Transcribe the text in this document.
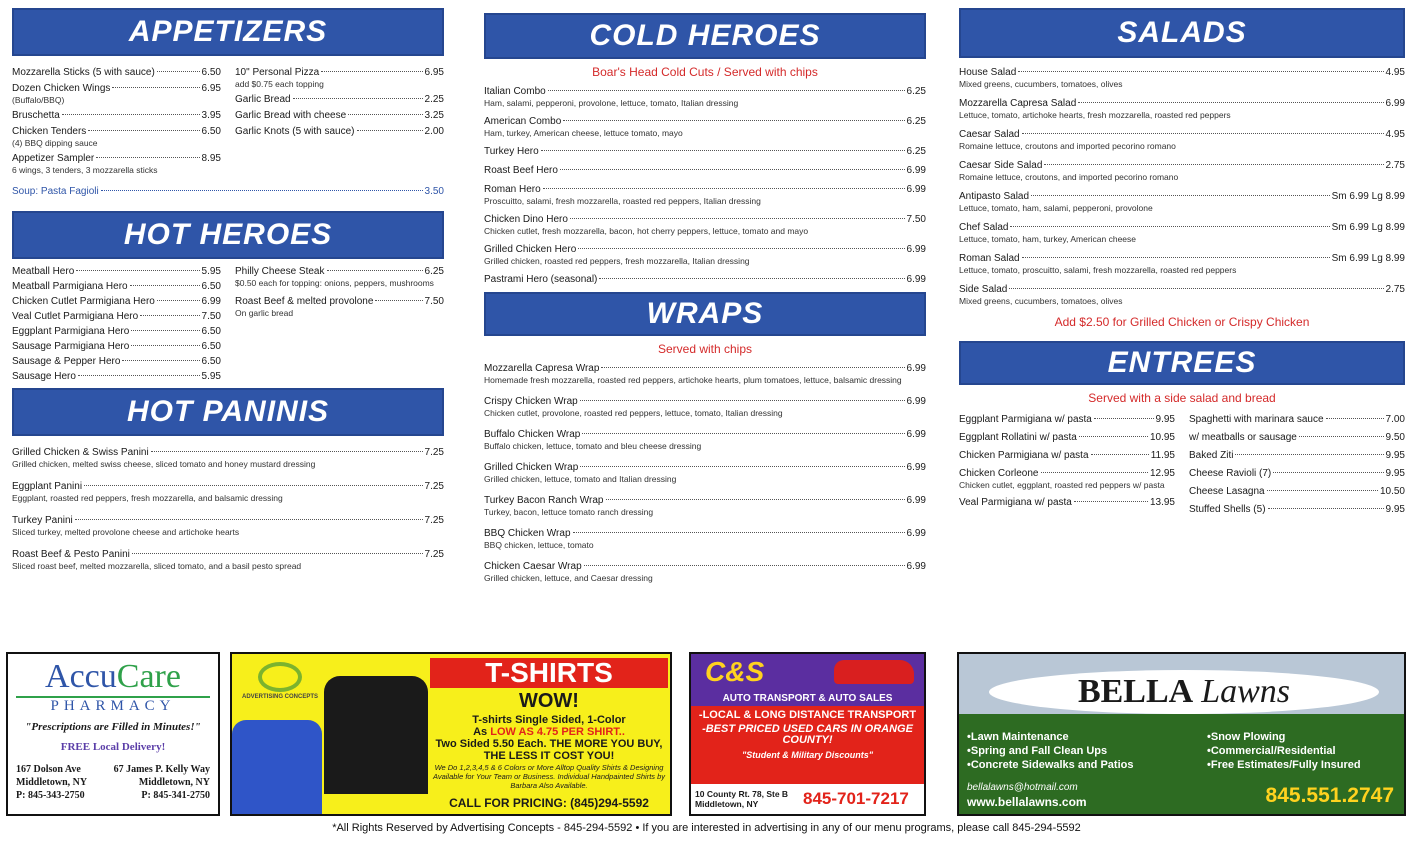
APPETIZERS
Mozzarella Sticks (5 with sauce)	6.50
Dozen Chicken Wings	6.95
(Buffalo/BBQ)
Bruschetta	3.95
Chicken Tenders	6.50
(4) BBQ dipping sauce
Appetizer Sampler	8.95
6 wings, 3 tenders, 3 mozzarella sticks
10" Personal Pizza	6.95
add $0.75 each topping
Garlic Bread	2.25
Garlic Bread with cheese	3.25
Garlic Knots (5 with sauce)	2.00
Soup: Pasta Fagioli	3.50
HOT HEROES
Meatball Hero	5.95
Meatball Parmigiana Hero	6.50
Chicken Cutlet Parmigiana Hero	6.99
Veal Cutlet Parmigiana Hero	7.50
Eggplant Parmigiana Hero	6.50
Sausage Parmigiana Hero	6.50
Sausage & Pepper Hero	6.50
Sausage Hero	5.95
Philly Cheese Steak	6.25
$0.50 each for topping: onions, peppers, mushrooms
Roast Beef & melted provolone	7.50
On garlic bread
HOT PANINIS
Grilled Chicken & Swiss Panini	7.25
Grilled chicken, melted swiss cheese, sliced tomato and honey mustard dressing
Eggplant Panini	7.25
Eggplant, roasted red peppers, fresh mozzarella, and balsamic dressing
Turkey Panini	7.25
Sliced turkey, melted provolone cheese and artichoke hearts
Roast Beef & Pesto Panini	7.25
Sliced roast beef, melted mozzarella, sliced tomato, and a basil pesto spread
COLD HEROES
Boar's Head Cold Cuts / Served with chips
Italian Combo	6.25
Ham, salami, pepperoni, provolone, lettuce, tomato, Italian dressing
American Combo	6.25
Ham, turkey, American cheese, lettuce tomato, mayo
Turkey Hero	6.25
Roast Beef Hero	6.99
Roman Hero	6.99
Proscuitto, salami, fresh mozzarella, roasted red peppers, Italian dressing
Chicken Dino Hero	7.50
Chicken cutlet, fresh mozzarella, bacon, hot cherry peppers, lettuce, tomato and mayo
Grilled Chicken Hero	6.99
Grilled chicken, roasted red peppers, fresh mozzarella, Italian dressing
Pastrami Hero (seasonal)	6.99
WRAPS
Served with chips
Mozzarella Capresa Wrap	6.99
Homemade fresh mozzarella, roasted red peppers, artichoke hearts, plum tomatoes, lettuce, balsamic dressing
Crispy Chicken Wrap	6.99
Chicken cutlet, provolone, roasted red peppers, lettuce, tomato, Italian dressing
Buffalo Chicken Wrap	6.99
Buffalo chicken, lettuce, tomato and bleu cheese dressing
Grilled Chicken Wrap	6.99
Grilled chicken, lettuce, tomato and Italian dressing
Turkey Bacon Ranch Wrap	6.99
Turkey, bacon, lettuce tomato ranch dressing
BBQ Chicken Wrap	6.99
BBQ chicken, lettuce, tomato
Chicken Caesar Wrap	6.99
Grilled chicken, lettuce, and Caesar dressing
SALADS
House Salad	4.95
Mixed greens, cucumbers, tomatoes, olives
Mozzarella Capresa Salad	6.99
Lettuce, tomato, artichoke hearts, fresh mozzarella, roasted red peppers
Caesar Salad	4.95
Romaine lettuce, croutons and imported pecorino romano
Caesar Side Salad	2.75
Romaine lettuce, croutons, and imported pecorino romano
Antipasto Salad	Sm 6.99 Lg 8.99
Lettuce, tomato, ham, salami, pepperoni, provolone
Chef Salad	Sm 6.99 Lg 8.99
Lettuce, tomato, ham, turkey, American cheese
Roman Salad	Sm 6.99 Lg 8.99
Lettuce, tomato, proscuitto, salami, fresh mozzarella, roasted red peppers
Side Salad	2.75
Mixed greens, cucumbers, tomatoes, olives
Add $2.50 for Grilled Chicken or Crispy Chicken
ENTREES
Served with a side salad and bread
Eggplant Parmigiana w/ pasta	9.95
Eggplant Rollatini w/ pasta	10.95
Chicken Parmigiana w/ pasta	11.95
Chicken Corleone	12.95
Chicken cutlet, eggplant, roasted red peppers w/ pasta
Veal Parmigiana w/ pasta	13.95
Spaghetti with marinara sauce	7.00
w/ meatballs or sausage	9.50
Baked Ziti	9.95
Cheese Ravioli (7)	9.95
Cheese Lasagna	10.50
Stuffed Shells (5)	9.95
AccuCare
PHARMACY
"Prescriptions are Filled in Minutes!"
FREE Local Delivery!
167 Dolson Ave
Middletown, NY
P: 845-343-2750
67 James P. Kelly Way
Middletown, NY
P: 845-341-2750
ADVERTISING CONCEPTS
T-SHIRTS
WOW!
T-shirts Single Sided, 1-Color
As LOW AS 4.75 PER SHIRT..
Two Sided 5.50 Each. THE MORE YOU BUY, THE LESS IT COST YOU!
We Do 1,2,3,4,5 & 6 Colors or More Alltop Quality Shirts & Designing Available for Your Team or Business. Individual Handpainted Shirts by Barbara Also Available.
CALL FOR PRICING: (845)294-5592
C&S
AUTO TRANSPORT & AUTO SALES
-LOCAL & LONG DISTANCE TRANSPORT
-BEST PRICED USED CARS IN ORANGE COUNTY!
"Student & Military Discounts"
10 County Rt. 78, Ste B Middletown, NY	845-701-7217
BELLA Lawns
•Lawn Maintenance
•Spring and Fall Clean Ups
•Concrete Sidewalks and Patios
•Snow Plowing
•Commercial/Residential
•Free Estimates/Fully Insured
bellalawns@hotmail.com
www.bellalawns.com	845.551.2747
*All Rights Reserved by Advertising Concepts - 845-294-5592 • If you are interested in advertising in any of our menu programs, please call 845-294-5592
